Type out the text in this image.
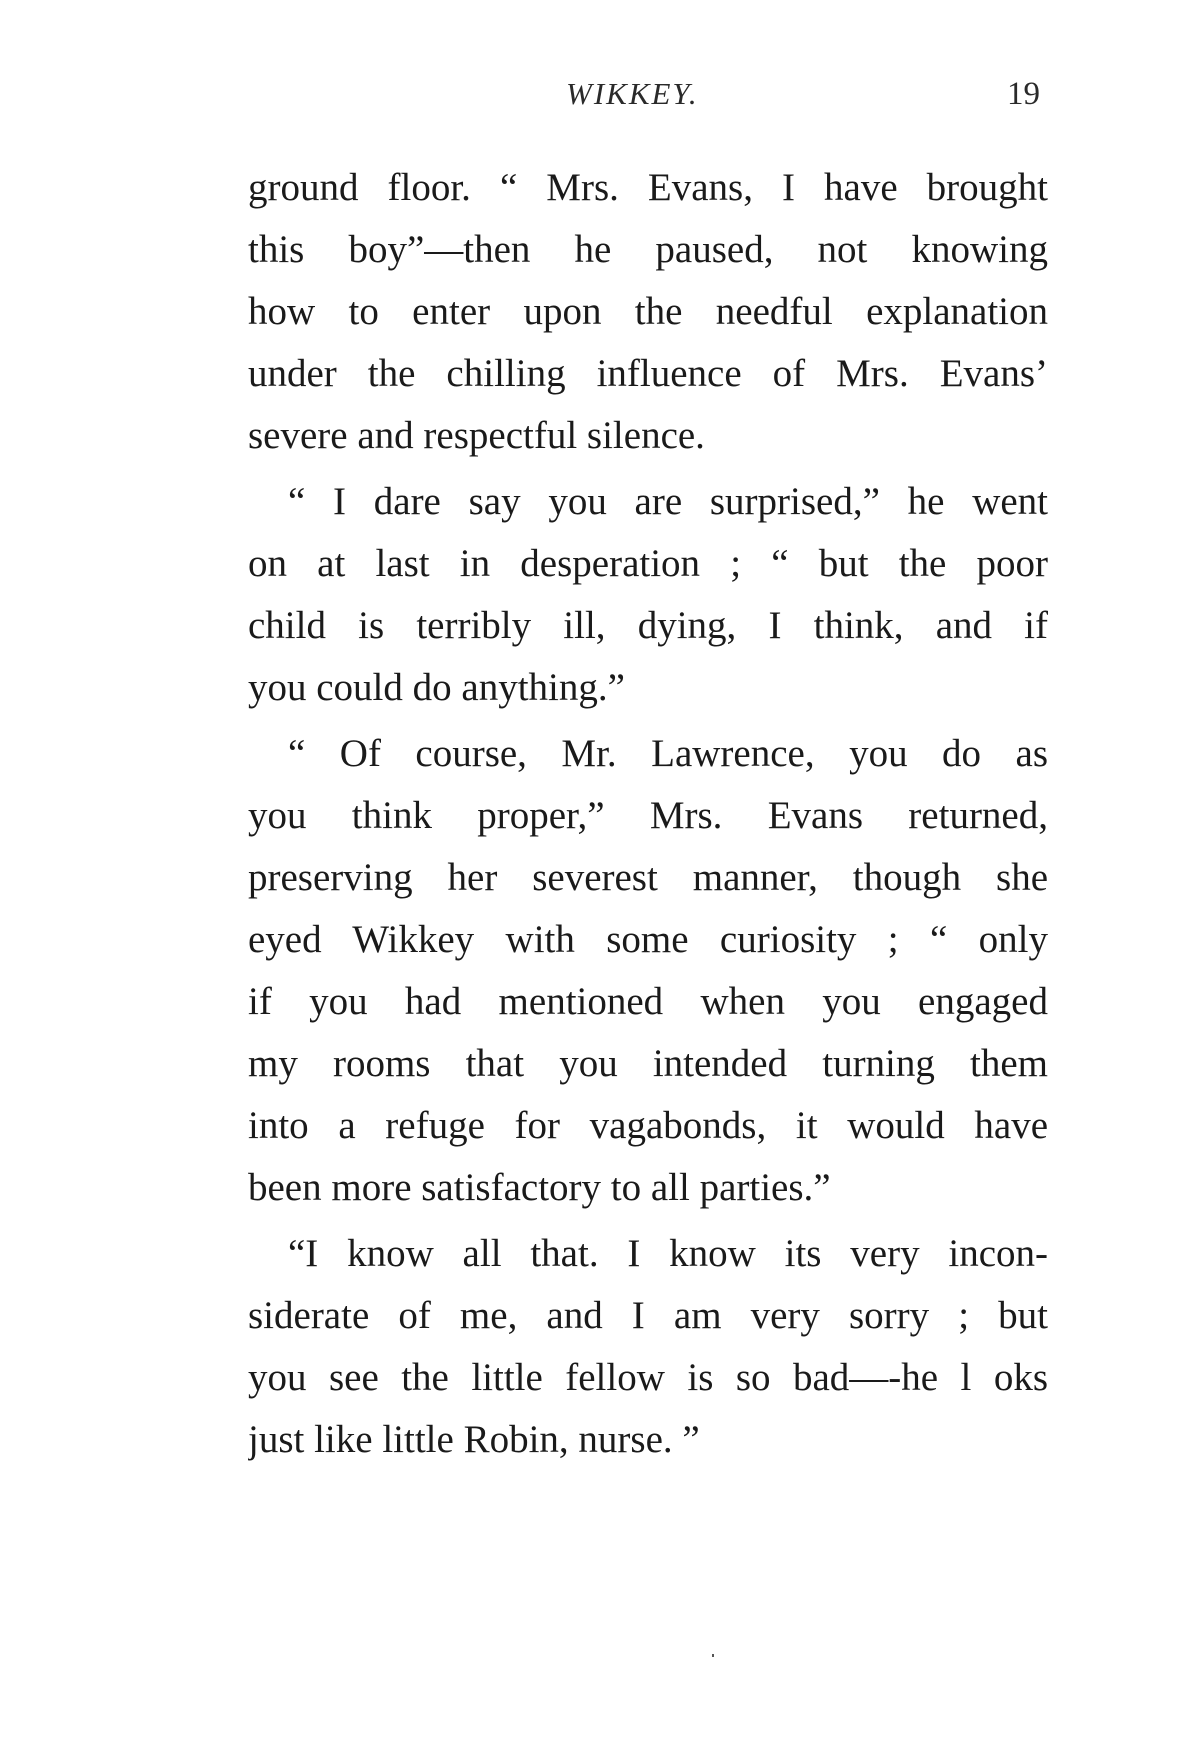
WIKKEY.	19
ground floor. “ Mrs. Evans, I have brought
this boy”—then he paused, not knowing
how to enter upon the needful explanation
under the chilling influence of Mrs. Evans’
severe and respectful silence.
“ I dare say you are surprised,” he went
on at last in desperation ; “ but the poor
child is terribly ill, dying, I think, and if
you could do anything.”
“ Of course, Mr. Lawrence, you do as
you think proper,” Mrs. Evans returned,
preserving her severest manner, though she
eyed Wikkey with some curiosity ; “ only
if you had mentioned when you engaged
my rooms that you intended turning them
into a refuge for vagabonds, it would have
been more satisfactory to all parties.”
“I know all that. I know its very incon-
siderate of me, and I am very sorry ; but
you see the little fellow is so bad—-he l oks
just like little Robin, nurse. ”
